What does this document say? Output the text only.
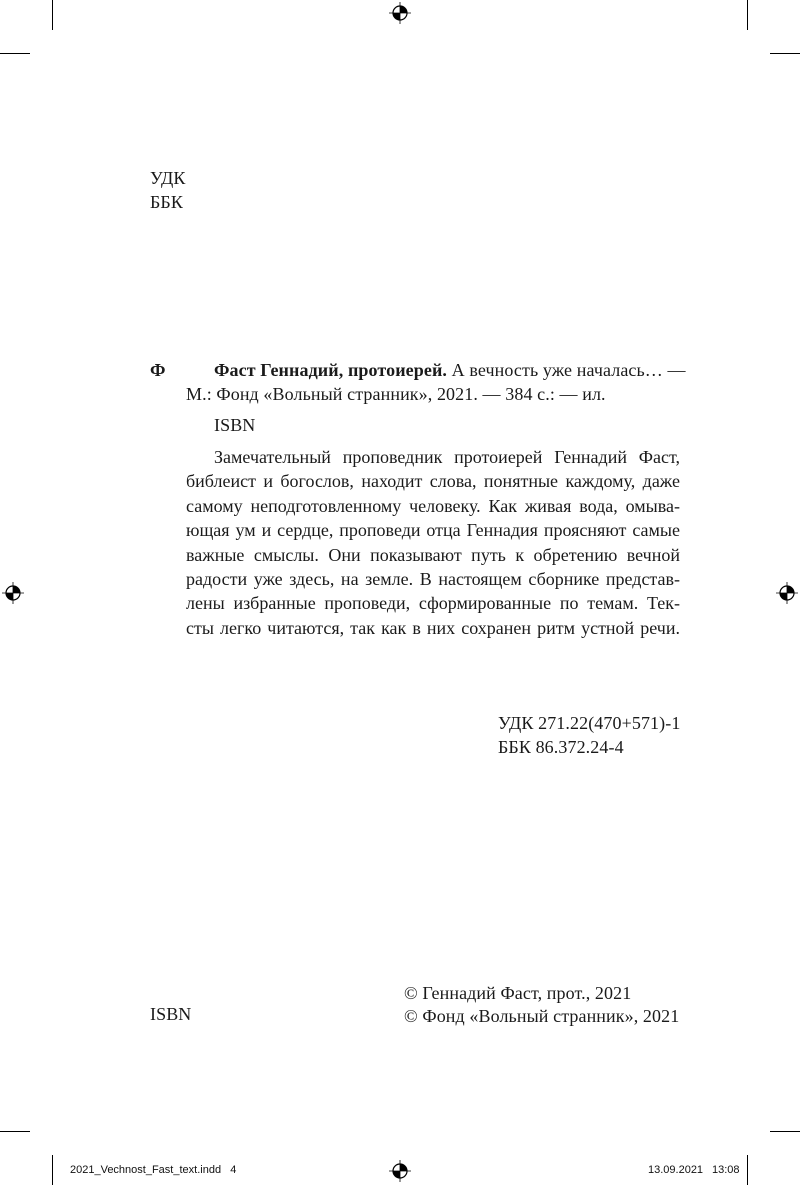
УДК
ББК
Ф	Фаст Геннадий, протоиерей. А вечность уже началась… —
М.: Фонд «Вольный странник», 2021. — 384 с.: — ил.
ISBN
Замечательный проповедник протоиерей Геннадий Фаст,
библеист и богослов, находит слова, понятные каждому, даже
самому неподготовленному человеку. Как живая вода, омыва-
ющая ум и сердце, проповеди отца Геннадия проясняют самые
важные смыслы. Они показывают путь к обретению вечной
радости уже здесь, на земле. В настоящем сборнике представ-
лены избранные проповеди, сформированные по темам. Тек-
сты легко читаются, так как в них сохранен ритм устной речи.
УДК 271.22(470+571)-1
ББК 86.372.24-4
ISBN
© Геннадий Фаст, прот., 2021
© Фонд «Вольный странник», 2021
2021_Vechnost_Fast_text.indd   4	13.09.2021 13:08
